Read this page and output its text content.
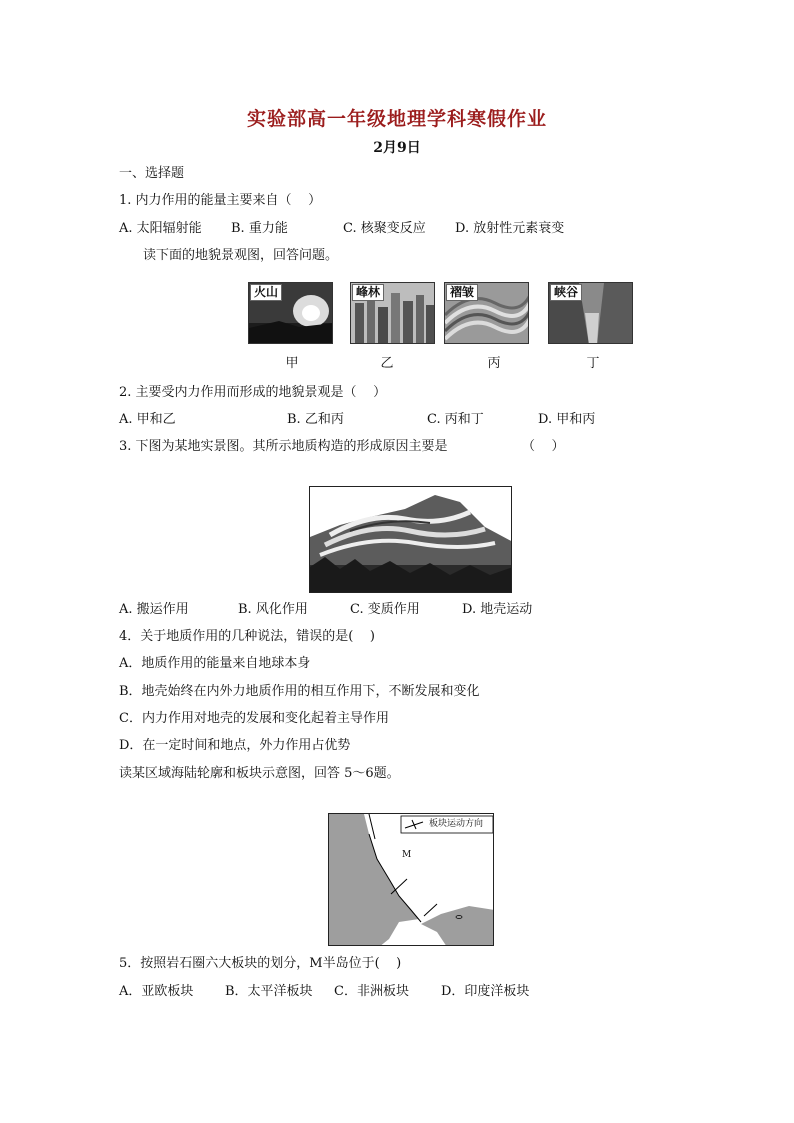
实验部高一年级地理学科寒假作业
2月9日
一、选择题
1. 内力作用的能量主要来自（    ）
A. 太阳辐射能 B. 重力能	C. 核聚变反应 D. 放射性元素衰变
读下面的地貌景观图，回答问题。
火山	峰林	褶皱	峡谷
甲	乙	丙	丁
2. 主要受内力作用而形成的地貌景观是（    ）
A. 甲和乙	B. 乙和丙	C. 丙和丁	D. 甲和丙
3. 下图为某地实景图。其所示地质构造的形成原因主要是	（    ）
A. 搬运作用	B. 风化作用	C. 变质作用	D. 地壳运动
4．关于地质作用的几种说法，错误的是(    )
A．地质作用的能量来自地球本身
B．地壳始终在内外力地质作用的相互作用下，不断发展和变化
C．内力作用对地壳的发展和变化起着主导作用
D．在一定时间和地点，外力作用占优势
读某区域海陆轮廓和板块示意图，回答 5～6题。
板块运动方向
M
5．按照岩石圈六大板块的划分，M半岛位于(    )
A．亚欧板块 B．太平洋板块 C．非洲板块 D．印度洋板块
